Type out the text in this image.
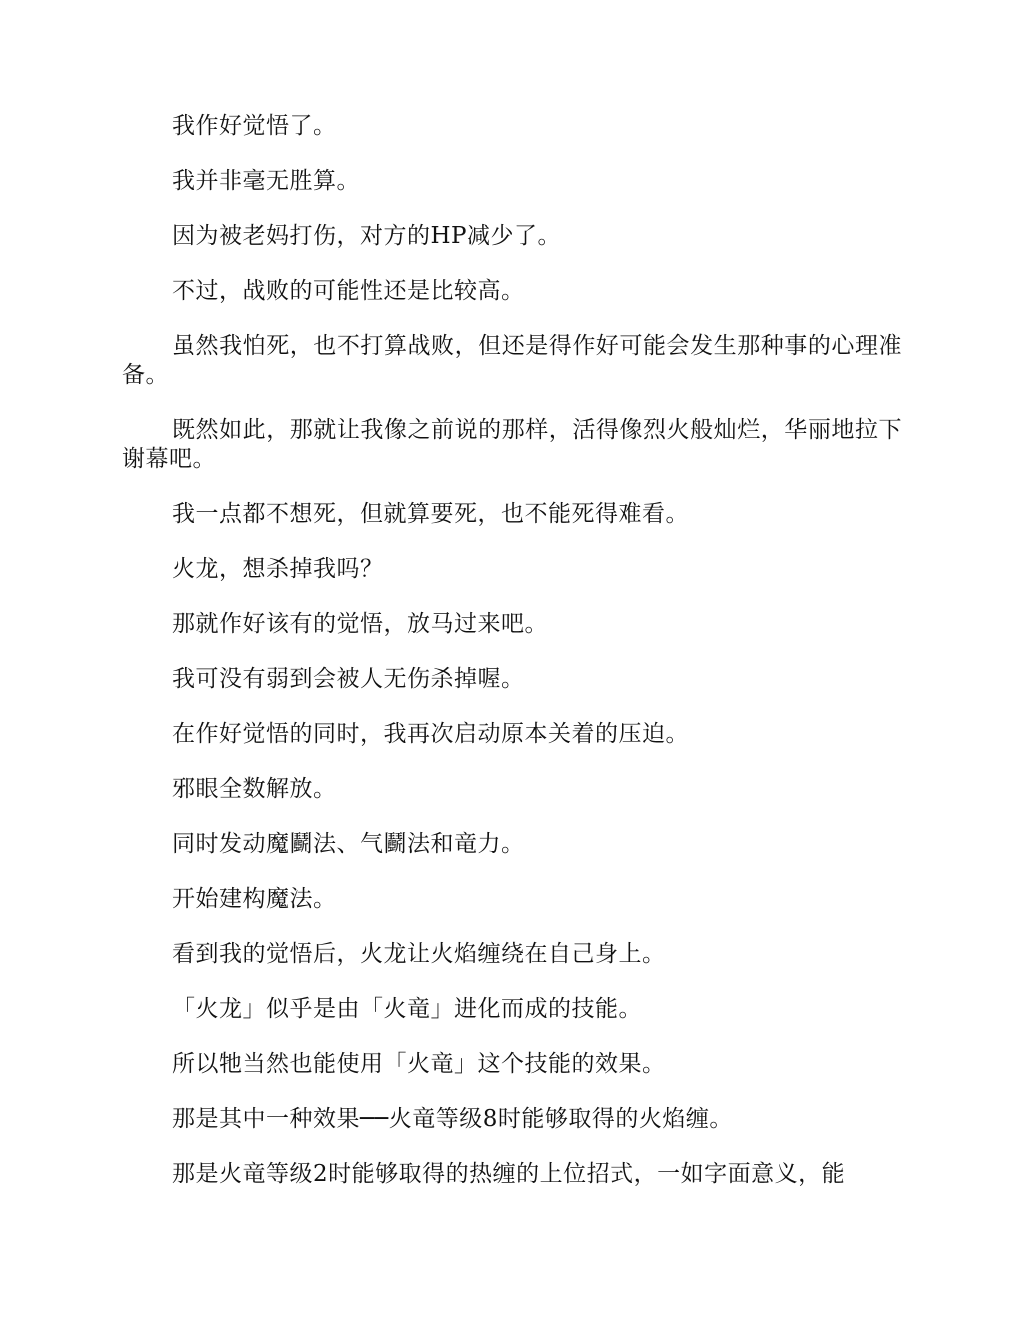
我作好觉悟了。

我并非毫无胜算。

因为被老妈打伤，对方的HP减少了。

不过，战败的可能性还是比较高。

虽然我怕死，也不打算战败，但还是得作好可能会发生那种事的心理准备。

既然如此，那就让我像之前说的那样，活得像烈火般灿烂，华丽地拉下谢幕吧。

我一点都不想死，但就算要死，也不能死得难看。

火龙，想杀掉我吗？

那就作好该有的觉悟，放马过来吧。

我可没有弱到会被人无伤杀掉喔。

在作好觉悟的同时，我再次启动原本关着的压迫。

邪眼全数解放。

同时发动魔鬬法、气鬬法和竜力。

开始建构魔法。

看到我的觉悟后，火龙让火焰缠绕在自己身上。

「火龙」似乎是由「火竜」进化而成的技能。

所以牠当然也能使用「火竜」这个技能的效果。

那是其中一种效果──火竜等级8时能够取得的火焰缠。

那是火竜等级2时能够取得的热缠的上位招式，一如字面意义，能
